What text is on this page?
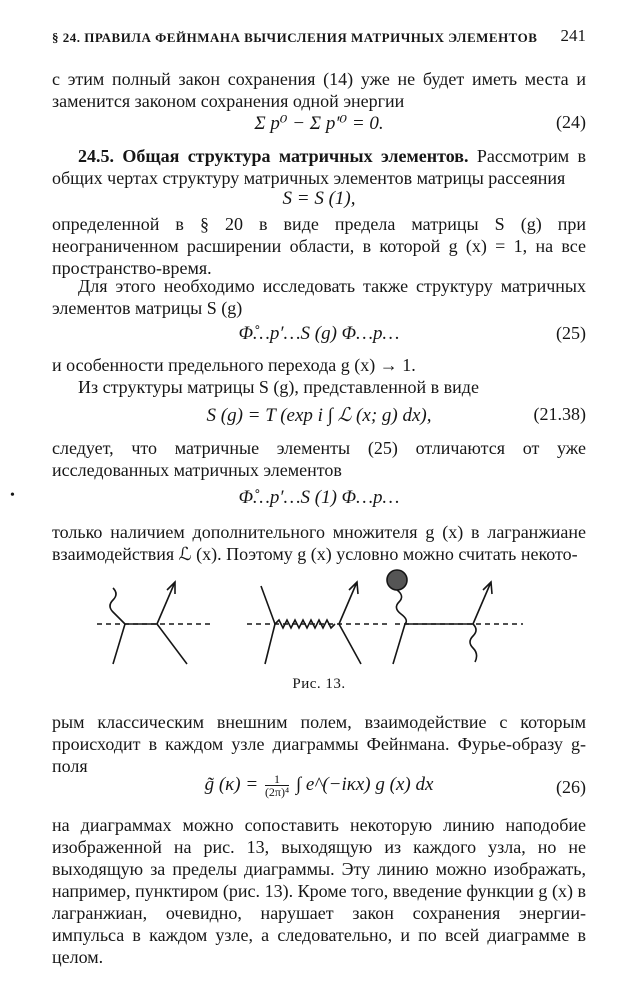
§ 24. ПРАВИЛА ФЕЙНМАНА ВЫЧИСЛЕНИЯ МАТРИЧНЫХ ЭЛЕМЕНТОВ 241
с этим полный закон сохранения (14) уже не будет иметь места и заменится законом сохранения одной энергии
Σ p⁰ − Σ p′⁰ = 0.	(24)
24.5. Общая структура матричных элементов. Рассмотрим в общих чертах структуру матричных элементов матрицы рассеяния
S = S (1),
определенной в § 20 в виде предела матрицы S (g) при неограниченном расширении области, в которой g (x) = 1, на все пространство-время.
Для этого необходимо исследовать также структуру матричных элементов матрицы S (g)
Φ̊…p′…S (g) Φ…p…	(25)
и особенности предельного перехода g (x) → 1.
Из структуры матрицы S (g), представленной в виде
S (g) = T (exp i ∫ ℒ (x; g) dx),	(21.38)
следует, что матричные элементы (25) отличаются от уже исследованных матричных элементов
•	Φ̊…p′…S (1) Φ…p…
только наличием дополнительного множителя g (x) в лагранжиане взаимодействия ℒ (x). Поэтому g (x) условно можно считать некото-
Рис. 13.
рым классическим внешним полем, взаимодействие с которым происходит в каждом узле диаграммы Фейнмана. Фурье-образу g-поля
g̃ $(\kappa) = \frac{1}{\text{(2π)⁴}}$ ∫ e^(−iκx) g (x) dx	(26)
на диаграммах можно сопоставить некоторую линию наподобие изображенной на рис. 13, выходящую из каждого узла, но не выходящую за пределы диаграммы. Эту линию можно изображать, например, пунктиром (рис. 13). Кроме того, введение функции g (x) в лагранжиан, очевидно, нарушает закон сохранения энергии-импульса в каждом узле, а следовательно, и по всей диаграмме в целом.
